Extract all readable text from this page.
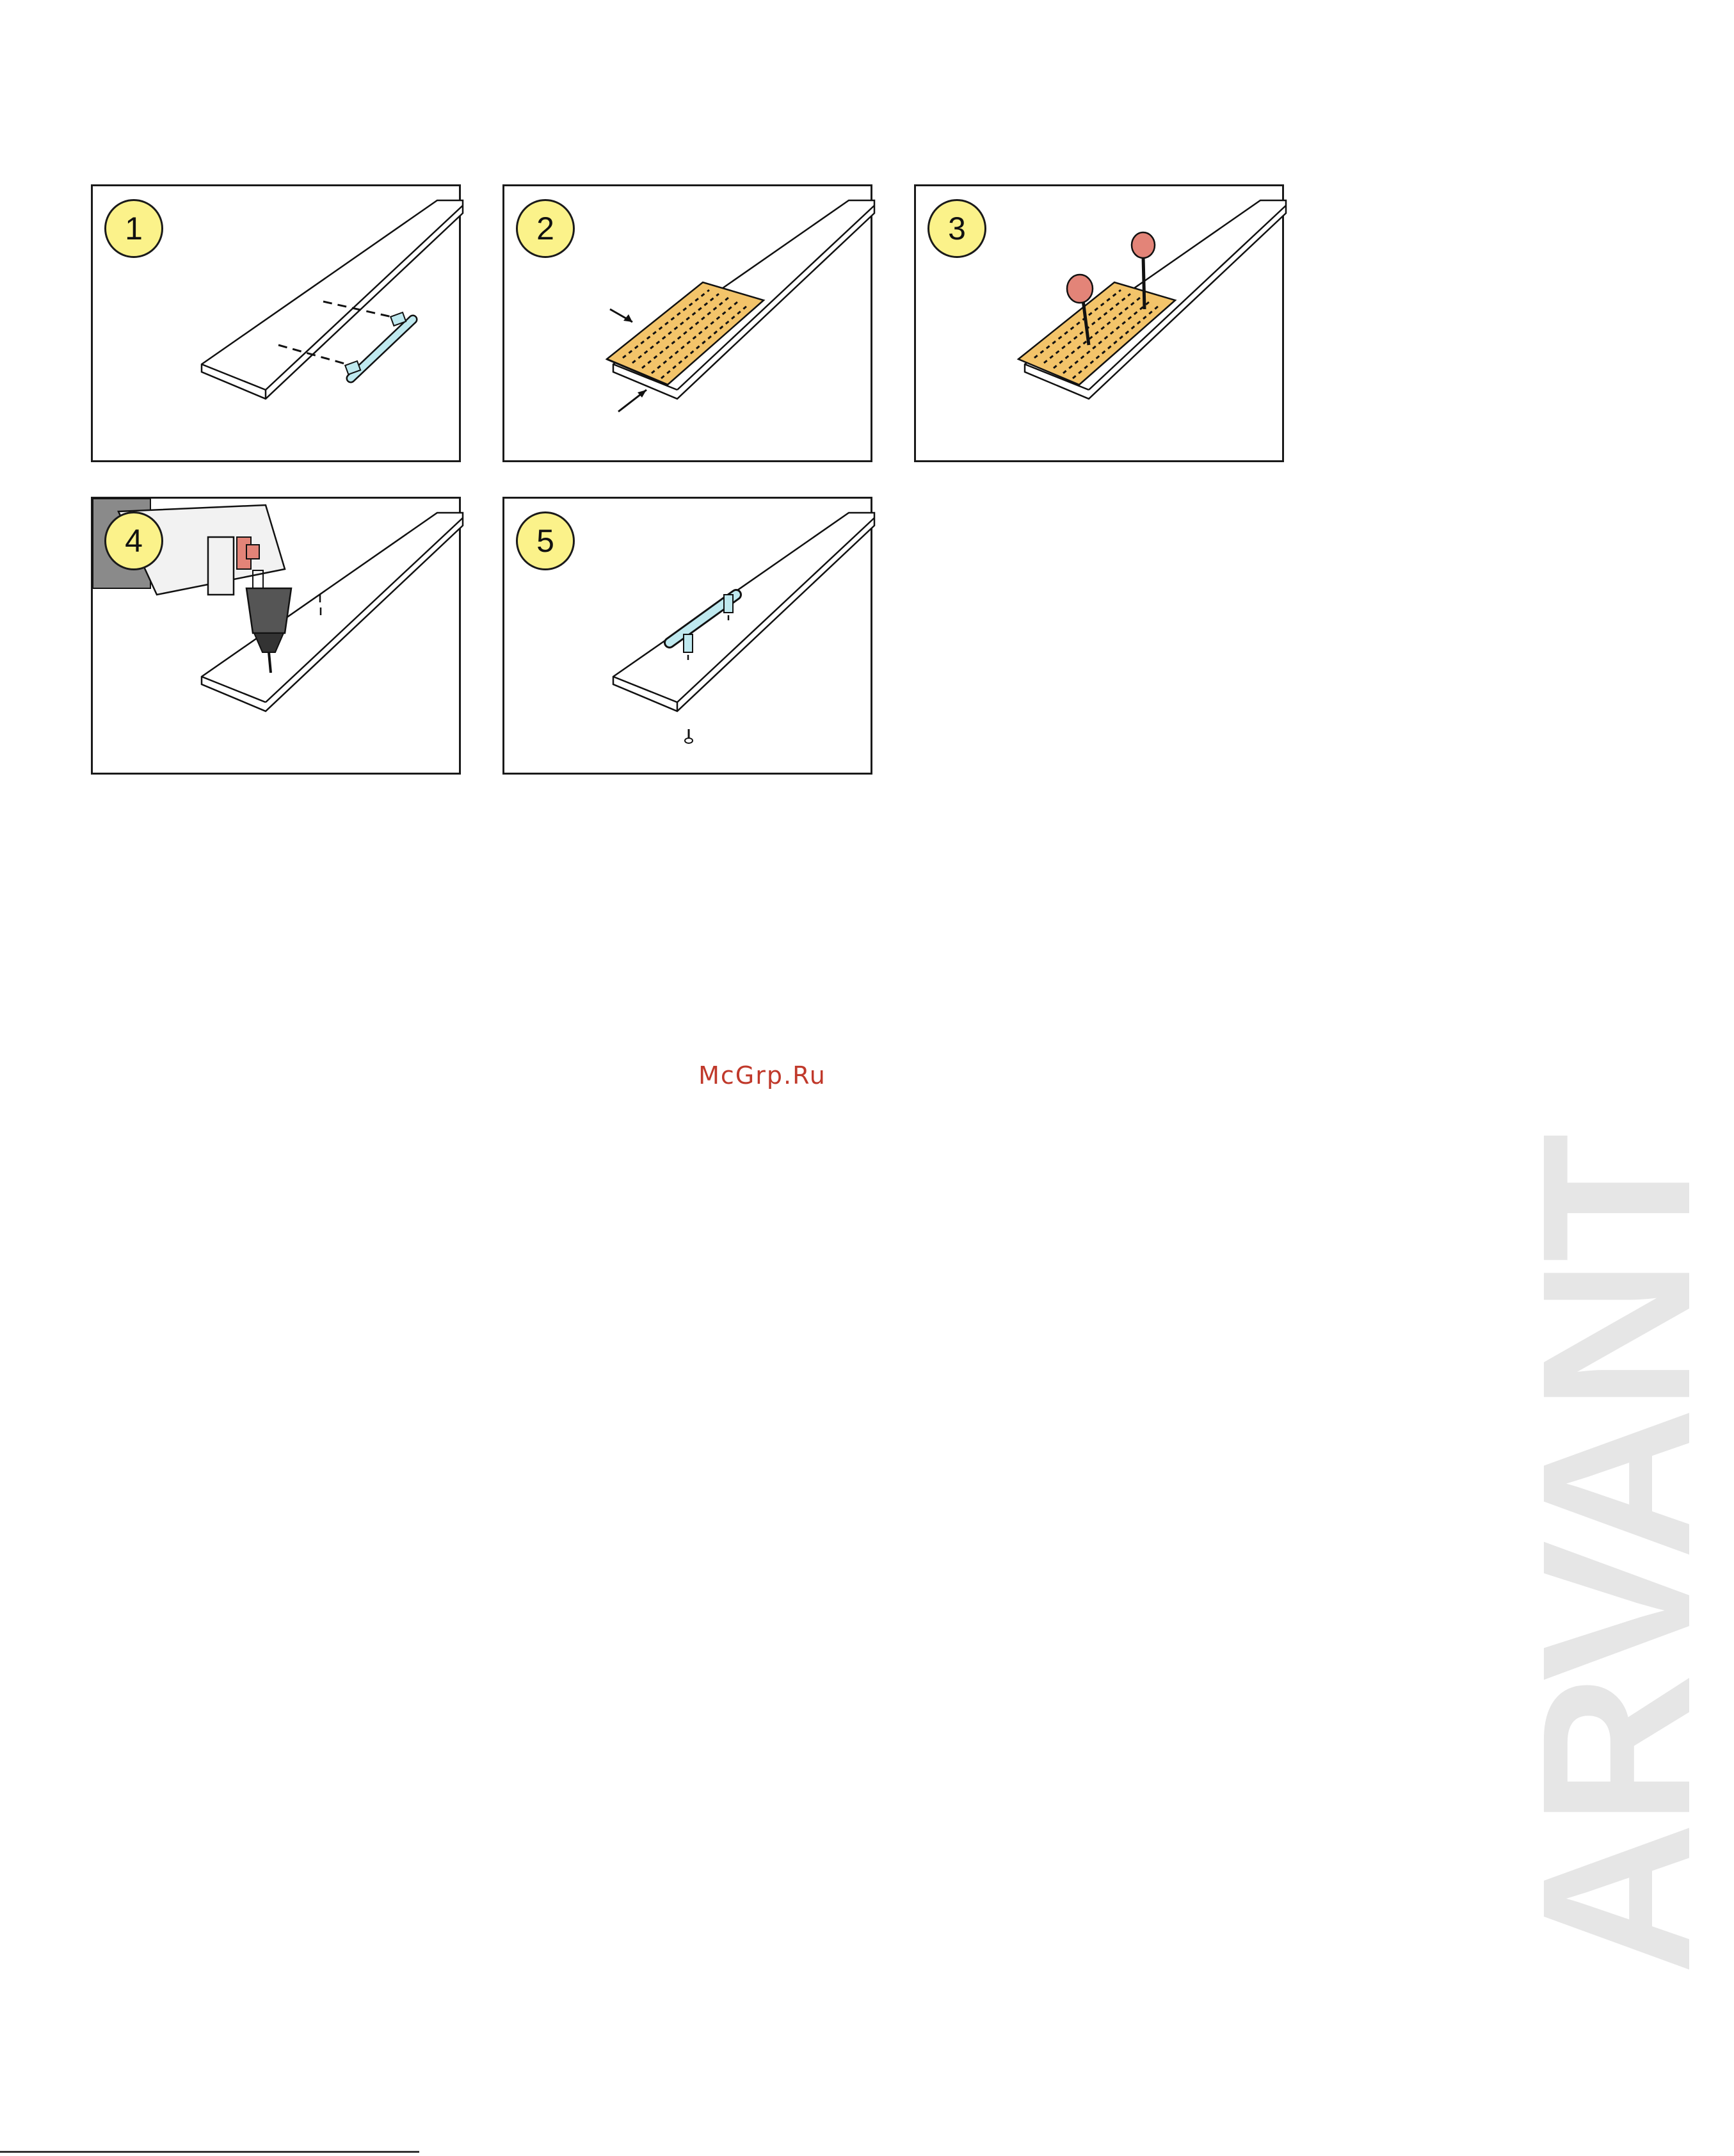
1	2	3
4	5
McGrp.Ru
ARVANT
